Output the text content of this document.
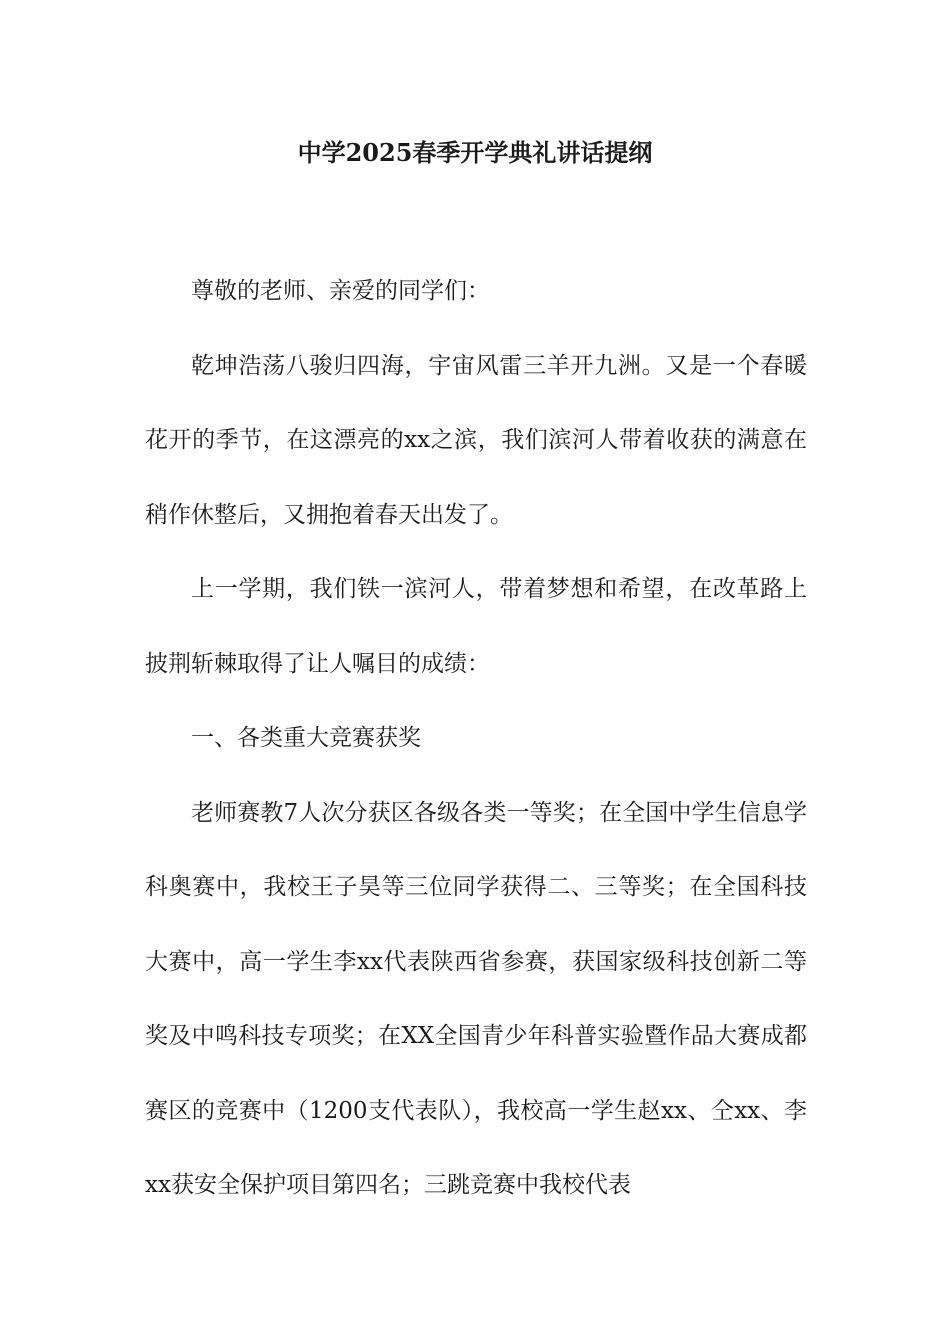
中学2025春季开学典礼讲话提纲

尊敬的老师、亲爱的同学们：

乾坤浩荡八骏归四海，宇宙风雷三羊开九洲。又是一个春暖花开的季节，在这漂亮的xx之滨，我们滨河人带着收获的满意在稍作休整后，又拥抱着春天出发了。

上一学期，我们铁一滨河人，带着梦想和希望，在改革路上披荆斩棘取得了让人嘱目的成绩：

一、各类重大竞赛获奖

老师赛教7人次分获区各级各类一等奖；在全国中学生信息学科奥赛中，我校王子昊等三位同学获得二、三等奖；在全国科技大赛中，高一学生李xx代表陕西省参赛，获国家级科技创新二等奖及中鸣科技专项奖；在XX全国青少年科普实验暨作品大赛成都赛区的竞赛中（1200支代表队），我校高一学生赵xx、仝xx、李xx获安全保护项目第四名；三跳竞赛中我校代表
